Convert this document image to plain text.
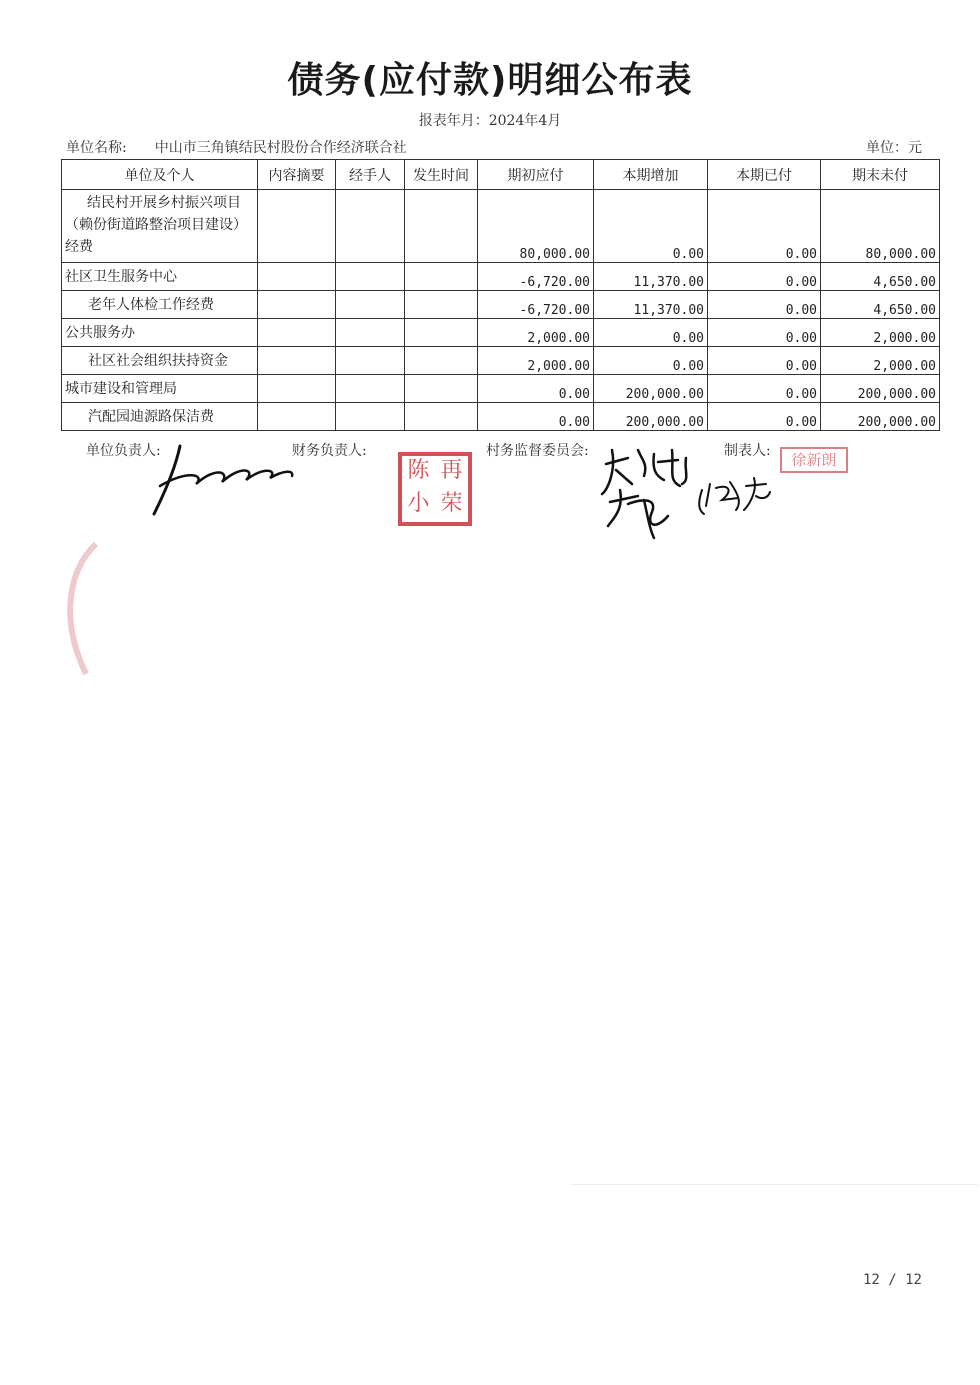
债务(应付款)明细公布表
报表年月：2024年4月
单位名称: 中山市三角镇结民村股份合作经济联合社	单位：元
单位及个人	内容摘要	经手人	发生时间	期初应付	本期增加	本期已付	期末未付
结民村开展乡村振兴项目（赖份街道路整治项目建设）经费				80,000.00	0.00	0.00	80,000.00
社区卫生服务中心				-6,720.00	11,370.00	0.00	4,650.00
老年人体检工作经费				-6,720.00	11,370.00	0.00	4,650.00
公共服务办				2,000.00	0.00	0.00	2,000.00
社区社会组织扶持资金				2,000.00	0.00	0.00	2,000.00
城市建设和管理局				0.00	200,000.00	0.00	200,000.00
汽配园迪源路保洁费				0.00	200,000.00	0.00	200,000.00
单位负责人:	财务负责人:	村务监督委员会:	制表人:
陈 再
小 荣
徐新朗
12 / 12
